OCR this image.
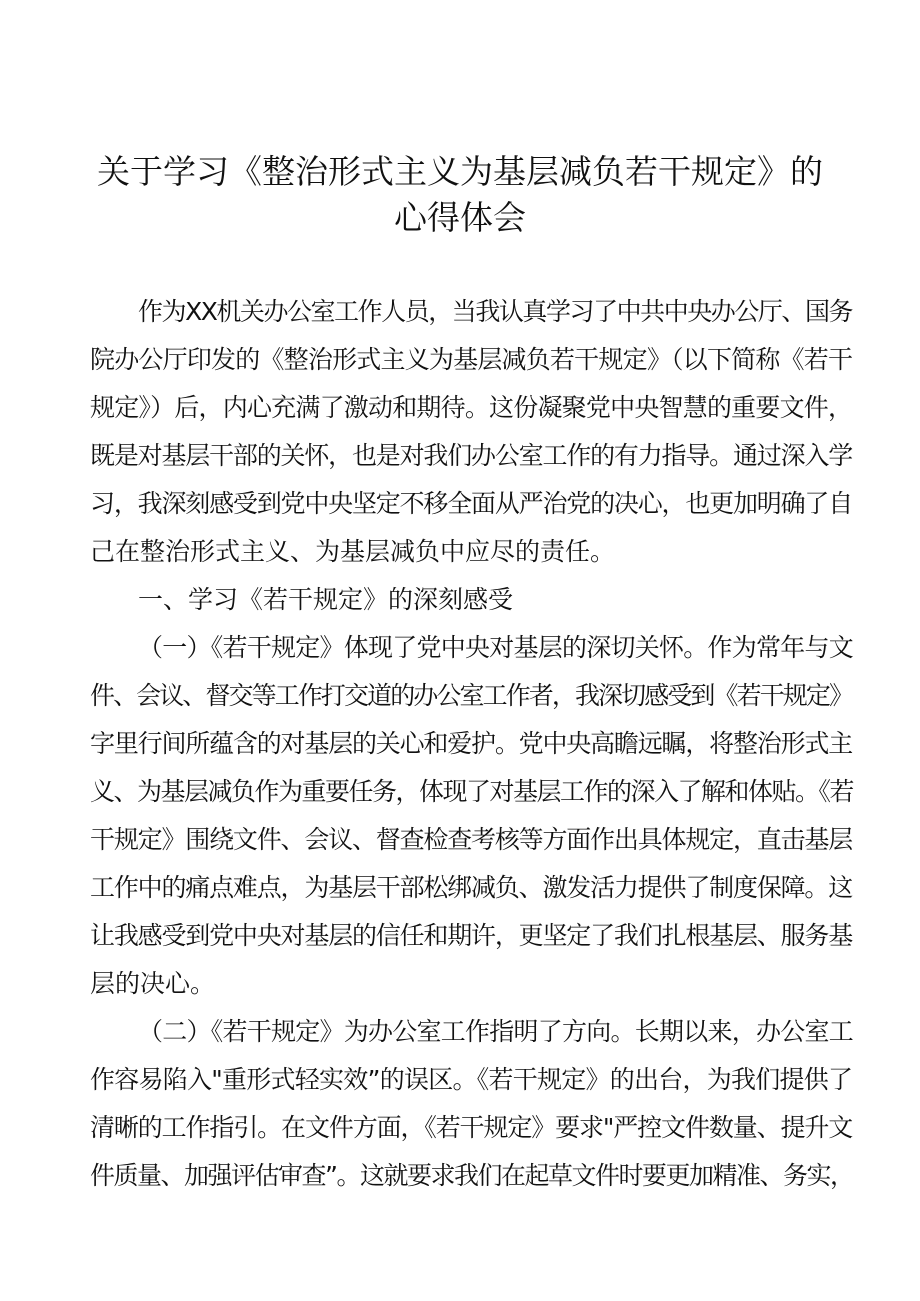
关于学习《整治形式主义为基层减负若干规定》的
心得体会
作为XX机关办公室工作人员，当我认真学习了中共中央办公厅、国务
院办公厅印发的《整治形式主义为基层减负若干规定》（以下简称《若干
规定》）后，内心充满了激动和期待。这份凝聚党中央智慧的重要文件，
既是对基层干部的关怀，也是对我们办公室工作的有力指导。通过深入学
习，我深刻感受到党中央坚定不移全面从严治党的决心，也更加明确了自
己在整治形式主义、为基层减负中应尽的责任。
一、学习《若干规定》的深刻感受
（一）《若干规定》体现了党中央对基层的深切关怀。作为常年与文
件、会议、督交等工作打交道的办公室工作者，我深切感受到《若干规定》
字里行间所蕴含的对基层的关心和爱护。党中央高瞻远瞩，将整治形式主
义、为基层减负作为重要任务，体现了对基层工作的深入了解和体贴。《若
干规定》围绕文件、会议、督查检查考核等方面作出具体规定，直击基层
工作中的痛点难点，为基层干部松绑减负、激发活力提供了制度保障。这
让我感受到党中央对基层的信任和期许，更坚定了我们扎根基层、服务基
层的决心。
（二）《若干规定》为办公室工作指明了方向。长期以来，办公室工
作容易陷入"重形式轻实效”的误区。《若干规定》的出台，为我们提供了
清晰的工作指引。在文件方面，《若干规定》要求"严控文件数量、提升文
件质量、加强评估审查”。这就要求我们在起草文件时要更加精准、务实，
